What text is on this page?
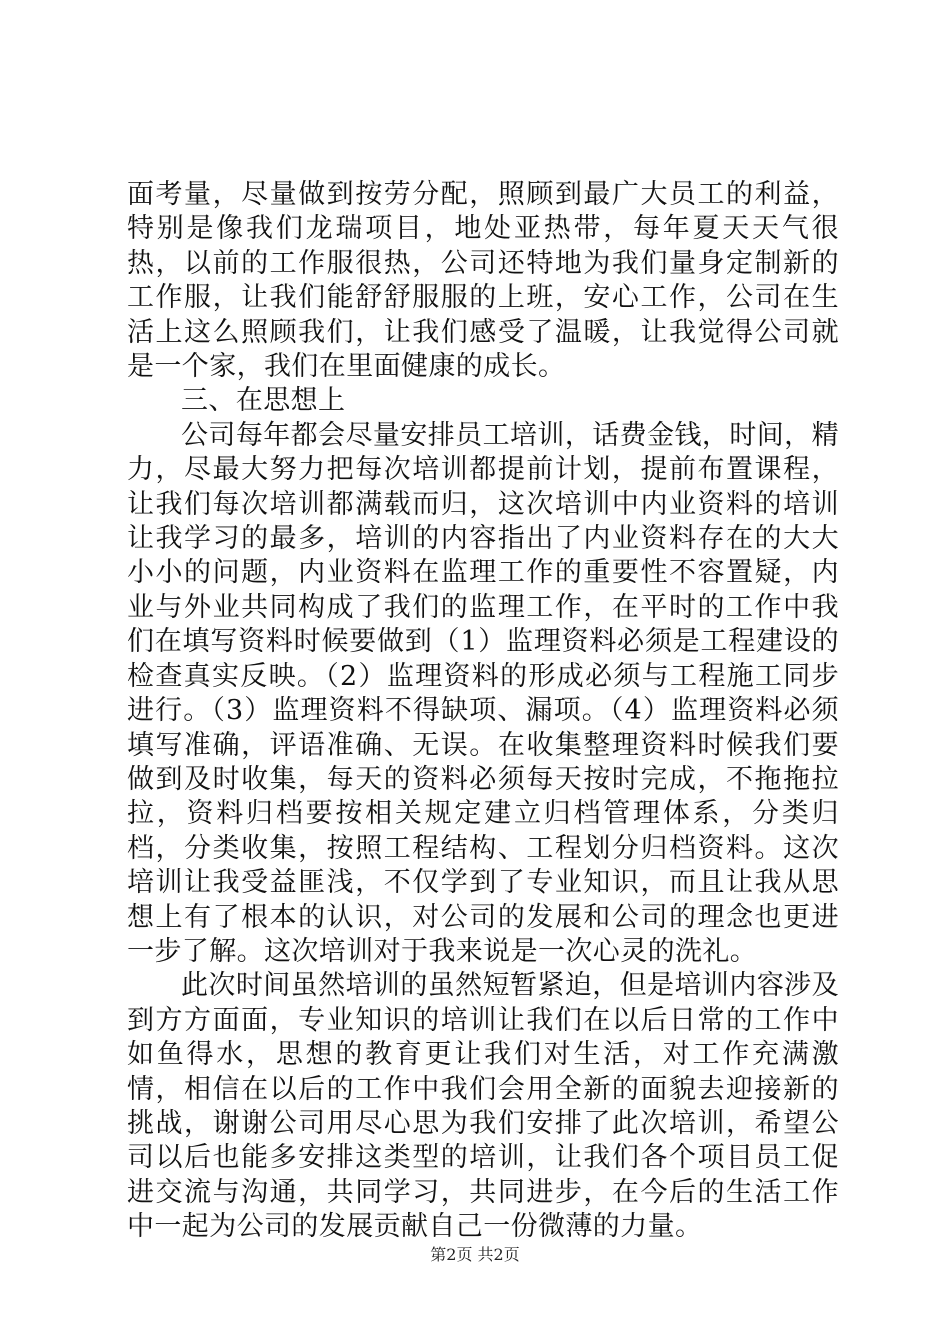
面考量，尽量做到按劳分配，照顾到最广大员工的利益，特别是像我们龙瑞项目，地处亚热带，每年夏天天气很热，以前的工作服很热，公司还特地为我们量身定制新的工作服，让我们能舒舒服服的上班，安心工作，公司在生活上这么照顾我们，让我们感受了温暖，让我觉得公司就是一个家，我们在里面健康的成长。

三、在思想上

公司每年都会尽量安排员工培训，话费金钱，时间，精力，尽最大努力把每次培训都提前计划，提前布置课程，让我们每次培训都满载而归，这次培训中内业资料的培训让我学习的最多，培训的内容指出了内业资料存在的大大小小的问题，内业资料在监理工作的重要性不容置疑，内业与外业共同构成了我们的监理工作，在平时的工作中我们在填写资料时候要做到（1）监理资料必须是工程建设的检查真实反映。（2）监理资料的形成必须与工程施工同步进行。（3）监理资料不得缺项、漏项。（4）监理资料必须填写准确，评语准确、无误。在收集整理资料时候我们要做到及时收集，每天的资料必须每天按时完成，不拖拖拉拉，资料归档要按相关规定建立归档管理体系，分类归档，分类收集，按照工程结构、工程划分归档资料。这次培训让我受益匪浅，不仅学到了专业知识，而且让我从思想上有了根本的认识，对公司的发展和公司的理念也更进一步了解。这次培训对于我来说是一次心灵的洗礼。

此次时间虽然培训的虽然短暂紧迫，但是培训内容涉及到方方面面，专业知识的培训让我们在以后日常的工作中如鱼得水，思想的教育更让我们对生活，对工作充满激情，相信在以后的工作中我们会用全新的面貌去迎接新的挑战，谢谢公司用尽心思为我们安排了此次培训，希望公司以后也能多安排这类型的培训，让我们各个项目员工促进交流与沟通，共同学习，共同进步，在今后的生活工作中一起为公司的发展贡献自己一份微薄的力量。

第2页 共2页
